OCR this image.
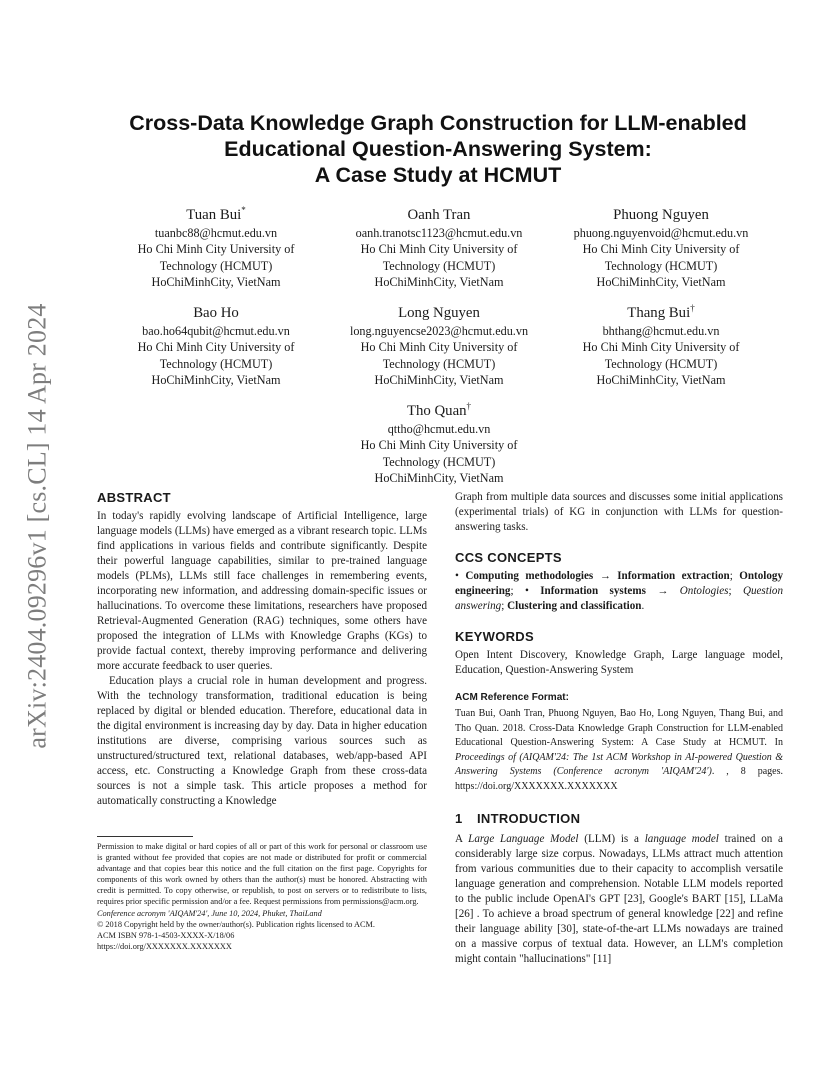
arXiv:2404.09296v1 [cs.CL] 14 Apr 2024
Cross-Data Knowledge Graph Construction for LLM-enabled
Educational Question-Answering System:
A Case Study at HCMUT
Tuan Bui*
tuanbc88@hcmut.edu.vn
Ho Chi Minh City University of
Technology (HCMUT)
HoChiMinhCity, VietNam
Oanh Tran
oanh.tranotsc1123@hcmut.edu.vn
Ho Chi Minh City University of
Technology (HCMUT)
HoChiMinhCity, VietNam
Phuong Nguyen
phuong.nguyenvoid@hcmut.edu.vn
Ho Chi Minh City University of
Technology (HCMUT)
HoChiMinhCity, VietNam
Bao Ho
bao.ho64qubit@hcmut.edu.vn
Ho Chi Minh City University of
Technology (HCMUT)
HoChiMinhCity, VietNam
Long Nguyen
long.nguyencse2023@hcmut.edu.vn
Ho Chi Minh City University of
Technology (HCMUT)
HoChiMinhCity, VietNam
Thang Bui†
bhthang@hcmut.edu.vn
Ho Chi Minh City University of
Technology (HCMUT)
HoChiMinhCity, VietNam
Tho Quan†
qttho@hcmut.edu.vn
Ho Chi Minh City University of
Technology (HCMUT)
HoChiMinhCity, VietNam
ABSTRACT

In today's rapidly evolving landscape of Artificial Intelligence, large language models (LLMs) have emerged as a vibrant research topic. LLMs find applications in various fields and contribute significantly. Despite their powerful language capabilities, similar to pre-trained language models (PLMs), LLMs still face challenges in remembering events, incorporating new information, and addressing domain-specific issues or hallucinations. To overcome these limitations, researchers have proposed Retrieval-Augmented Generation (RAG) techniques, some others have proposed the integration of LLMs with Knowledge Graphs (KGs) to provide factual context, thereby improving performance and delivering more accurate feedback to user queries.

Education plays a crucial role in human development and progress. With the technology transformation, traditional education is being replaced by digital or blended education. Therefore, educational data in the digital environment is increasing day by day. Data in higher education institutions are diverse, comprising various sources such as unstructured/structured text, relational databases, web/app-based API access, etc. Constructing a Knowledge Graph from these cross-data sources is not a simple task. This article proposes a method for automatically constructing a Knowledge

Permission to make digital or hard copies of all or part of this work for personal or classroom use is granted without fee provided that copies are not made or distributed for profit or commercial advantage and that copies bear this notice and the full citation on the first page. Copyrights for components of this work owned by others than the author(s) must be honored. Abstracting with credit is permitted. To copy otherwise, or republish, to post on servers or to redistribute to lists, requires prior specific permission and/or a fee. Request permissions from permissions@acm.org.

Conference acronym 'AIQAM'24', June 10, 2024, Phuket, ThaiLand

© 2018 Copyright held by the owner/author(s). Publication rights licensed to ACM.

ACM ISBN 978-1-4503-XXXX-X/18/06

https://doi.org/XXXXXXX.XXXXXXX

Graph from multiple data sources and discusses some initial applications (experimental trials) of KG in conjunction with LLMs for question-answering tasks.

CCS CONCEPTS

• Computing methodologies → Information extraction; Ontology engineering; • Information systems → Ontologies; Question answering; Clustering and classification.

KEYWORDS

Open Intent Discovery, Knowledge Graph, Large language model, Education, Question-Answering System

ACM Reference Format:

Tuan Bui, Oanh Tran, Phuong Nguyen, Bao Ho, Long Nguyen, Thang Bui, and Tho Quan. 2018. Cross-Data Knowledge Graph Construction for LLM-enabled Educational Question-Answering System: A Case Study at HCMUT. In Proceedings of (AIQAM'24: The 1st ACM Workshop in AI-powered Question & Answering Systems (Conference acronym 'AIQAM'24'). , 8 pages. https://doi.org/XXXXXXX.XXXXXXX

1	INTRODUCTION

A Large Language Model (LLM) is a language model trained on a considerably large size corpus. Nowadays, LLMs attract much attention from various communities due to their capacity to accomplish versatile language generation and comprehension. Notable LLM models reported to the public include OpenAI's GPT [23], Google's BART [15], LLaMa [26] . To achieve a broad spectrum of general knowledge [22] and refine their language ability [30], state-of-the-art LLMs nowadays are trained on a massive corpus of textual data. However, an LLM's completion might contain "hallucinations" [11]
